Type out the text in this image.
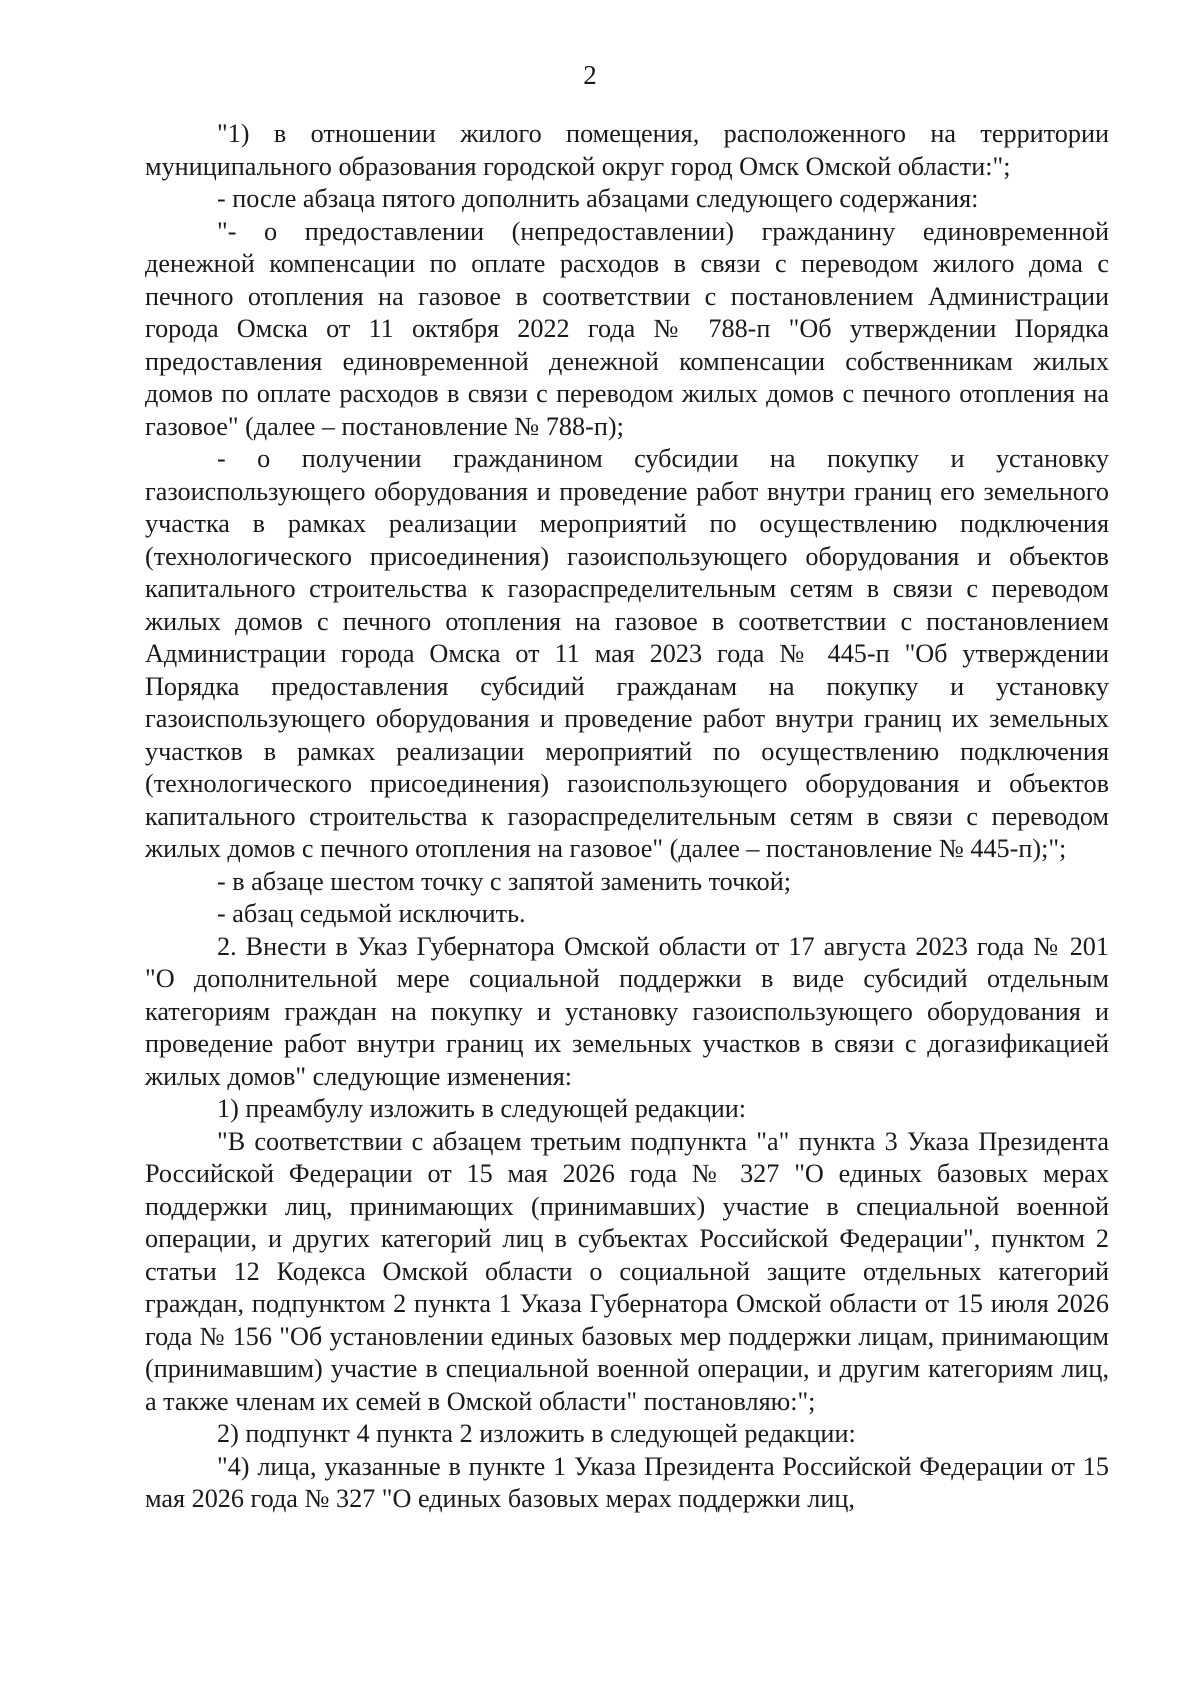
2

"1) в отношении жилого помещения, расположенного на территории муниципального образования городской округ город Омск Омской области:";

- после абзаца пятого дополнить абзацами следующего содержания:

"- о предоставлении (непредоставлении) гражданину единовременной денежной компенсации по оплате расходов в связи с переводом жилого дома с печного отопления на газовое в соответствии с постановлением Администрации города Омска от 11 октября 2022 года № 788-п "Об утверждении Порядка предоставления единовременной денежной компенсации собственникам жилых домов по оплате расходов в связи с переводом жилых домов с печного отопления на газовое" (далее – постановление № 788-п);

- о получении гражданином субсидии на покупку и установку газоиспользующего оборудования и проведение работ внутри границ его земельного участка в рамках реализации мероприятий по осуществлению подключения (технологического присоединения) газоиспользующего оборудования и объектов капитального строительства к газораспределительным сетям в связи с переводом жилых домов с печного отопления на газовое в соответствии с постановлением Администрации города Омска от 11 мая 2023 года № 445-п "Об утверждении Порядка предоставления субсидий гражданам на покупку и установку газоиспользующего оборудования и проведение работ внутри границ их земельных участков в рамках реализации мероприятий по осуществлению подключения (технологического присоединения) газоиспользующего оборудования и объектов капитального строительства к газораспределительным сетям в связи с переводом жилых домов с печного отопления на газовое" (далее – постановление № 445-п);";

- в абзаце шестом точку с запятой заменить точкой;

- абзац седьмой исключить.

2. Внести в Указ Губернатора Омской области от 17 августа 2023 года № 201 "О дополнительной мере социальной поддержки в виде субсидий отдельным категориям граждан на покупку и установку газоиспользующего оборудования и проведение работ внутри границ их земельных участков в связи с догазификацией жилых домов" следующие изменения:

1) преамбулу изложить в следующей редакции:

"В соответствии с абзацем третьим подпункта "а" пункта 3 Указа Президента Российской Федерации от 15 мая 2026 года № 327 "О единых базовых мерах поддержки лиц, принимающих (принимавших) участие в специальной военной операции, и других категорий лиц в субъектах Российской Федерации", пунктом 2 статьи 12 Кодекса Омской области о социальной защите отдельных категорий граждан, подпунктом 2 пункта 1 Указа Губернатора Омской области от 15 июля 2026 года № 156 "Об установлении единых базовых мер поддержки лицам, принимающим (принимавшим) участие в специальной военной операции, и другим категориям лиц, а также членам их семей в Омской области" постановляю:";

2) подпункт 4 пункта 2 изложить в следующей редакции:

"4) лица, указанные в пункте 1 Указа Президента Российской Федерации от 15 мая 2026 года № 327 "О единых базовых мерах поддержки лиц,
